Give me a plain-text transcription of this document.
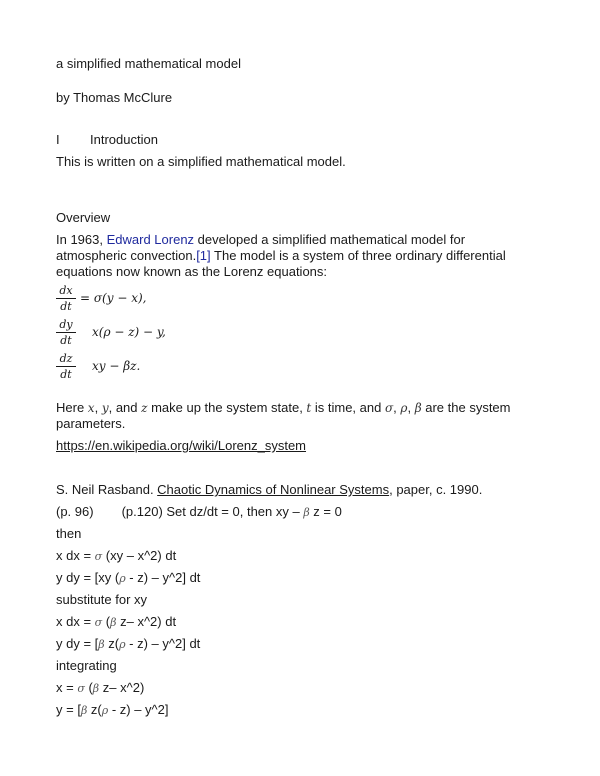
a simplified mathematical model
by Thomas McClure
I Introduction
This is written on a simplified mathematical model.
Overview
In 1963, Edward Lorenz developed a simplified mathematical model for
atmospheric convection.[1] The model is a system of three ordinary differential
equations now known as the Lorenz equations:
dx
dt
= σ(y − x),
dy
dt
x(ρ − z) − y,
dz
dt
xy − βz.
Here x, y, and z make up the system state, t is time, and σ, ρ, β are the system
parameters.
https://en.wikipedia.org/wiki/Lorenz_system
S. Neil Rasband. Chaotic Dynamics of Nonlinear Systems, paper, c. 1990.
(p. 96) (p.120) Set dz/dt = 0, then xy – β z = 0
then
x dx = σ (xy – x^2) dt
y dy = [xy (ρ - z) – y^2] dt
substitute for xy
x dx = σ (β z– x^2) dt
y dy = [β z(ρ - z) – y^2] dt
integrating
x = σ (β z– x^2)
y = [β z(ρ - z) – y^2]
